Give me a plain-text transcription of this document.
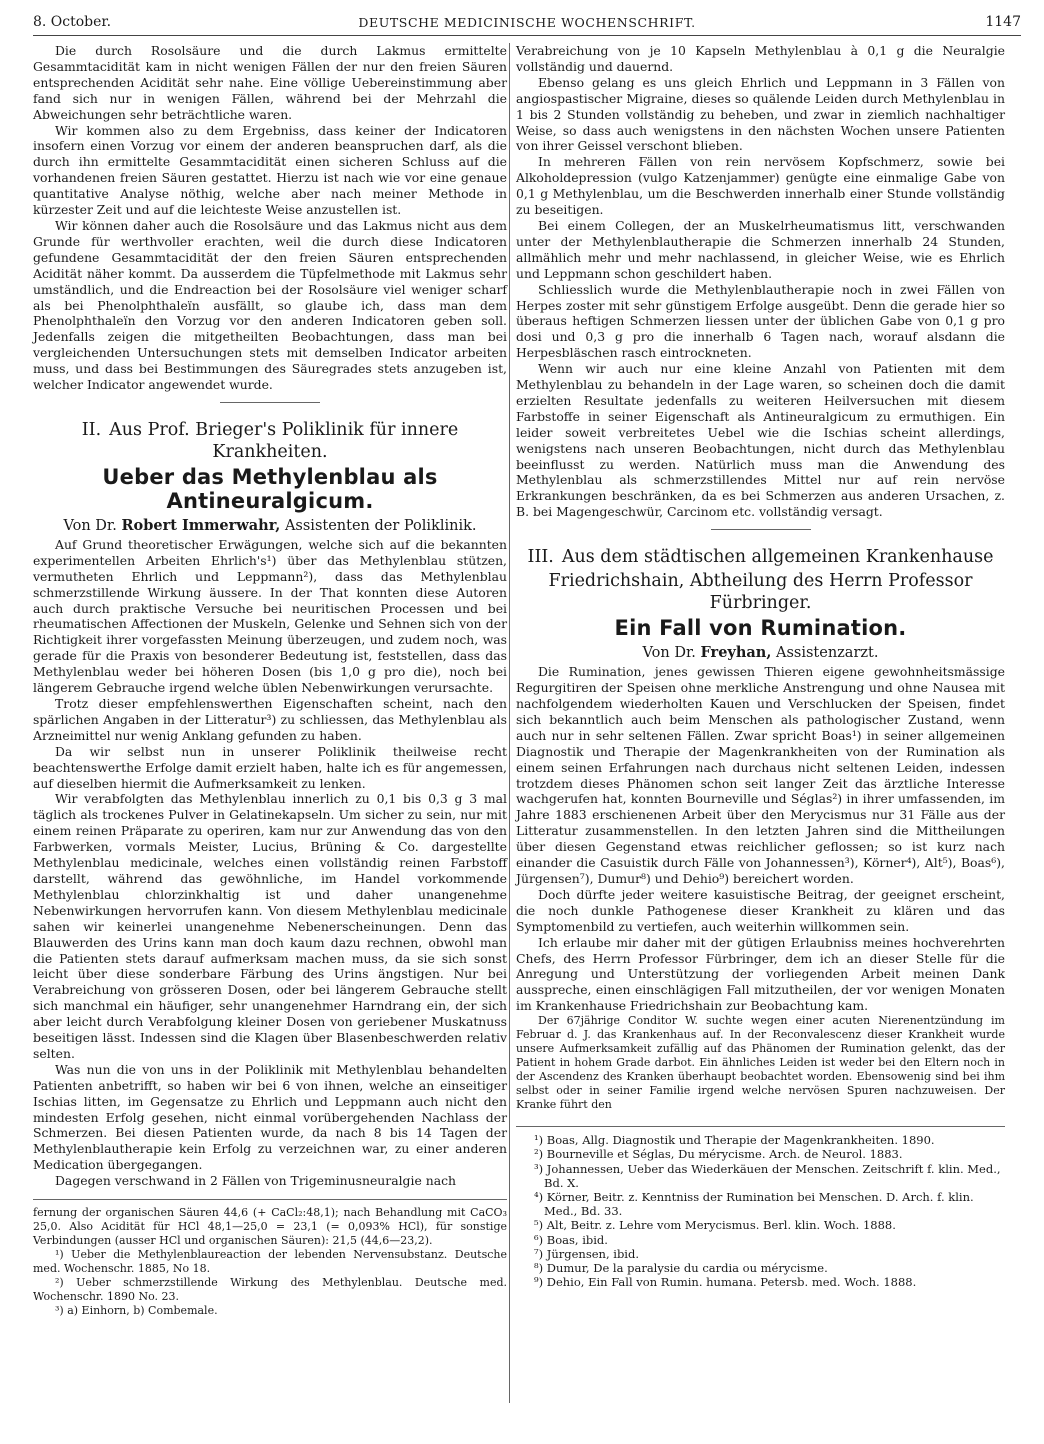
8. October.	DEUTSCHE MEDICINISCHE WOCHENSCHRIFT.	1147

Die durch Rosolsäure und die durch Lakmus ermittelte Gesammtacidität kam in nicht wenigen Fällen der nur den freien Säuren entsprechenden Acidität sehr nahe. Eine völlige Uebereinstimmung aber fand sich nur in wenigen Fällen, während bei der Mehrzahl die Abweichungen sehr beträchtliche waren.

Wir kommen also zu dem Ergebniss, dass keiner der Indicatoren insofern einen Vorzug vor einem der anderen beanspruchen darf, als die durch ihn ermittelte Gesammtacidität einen sicheren Schluss auf die vorhandenen freien Säuren gestattet. Hierzu ist nach wie vor eine genaue quantitative Analyse nöthig, welche aber nach meiner Methode in kürzester Zeit und auf die leichteste Weise anzustellen ist.

Wir können daher auch die Rosolsäure und das Lakmus nicht aus dem Grunde für werthvoller erachten, weil die durch diese Indicatoren gefundene Gesammtacidität der den freien Säuren entsprechenden Acidität näher kommt. Da ausserdem die Tüpfelmethode mit Lakmus sehr umständlich, und die Endreaction bei der Rosolsäure viel weniger scharf als bei Phenolphthaleïn ausfällt, so glaube ich, dass man dem Phenolphthaleïn den Vorzug vor den anderen Indicatoren geben soll. Jedenfalls zeigen die mitgetheilten Beobachtungen, dass man bei vergleichenden Untersuchungen stets mit demselben Indicator arbeiten muss, und dass bei Bestimmungen des Säuregrades stets anzugeben ist, welcher Indicator angewendet wurde.

II. Aus Prof. Brieger's Poliklinik für innere Krankheiten.
Ueber das Methylenblau als Antineuralgicum.
Von Dr. Robert Immerwahr, Assistenten der Poliklinik.

Auf Grund theoretischer Erwägungen, welche sich auf die bekannten experimentellen Arbeiten Ehrlich's¹) über das Methylenblau stützen, vermutheten Ehrlich und Leppmann²), dass das Methylenblau schmerzstillende Wirkung äussere. In der That konnten diese Autoren auch durch praktische Versuche bei neuritischen Processen und bei rheumatischen Affectionen der Muskeln, Gelenke und Sehnen sich von der Richtigkeit ihrer vorgefassten Meinung überzeugen, und zudem noch, was gerade für die Praxis von besonderer Bedeutung ist, feststellen, dass das Methylenblau weder bei höheren Dosen (bis 1,0 g pro die), noch bei längerem Gebrauche irgend welche üblen Nebenwirkungen verursachte.

Trotz dieser empfehlenswerthen Eigenschaften scheint, nach den spärlichen Angaben in der Litteratur³) zu schliessen, das Methylenblau als Arzneimittel nur wenig Anklang gefunden zu haben.

Da wir selbst nun in unserer Poliklinik theilweise recht beachtenswerthe Erfolge damit erzielt haben, halte ich es für angemessen, auf dieselben hiermit die Aufmerksamkeit zu lenken.

Wir verabfolgten das Methylenblau innerlich zu 0,1 bis 0,3 g 3 mal täglich als trockenes Pulver in Gelatinekapseln. Um sicher zu sein, nur mit einem reinen Präparate zu operiren, kam nur zur Anwendung das von den Farbwerken, vormals Meister, Lucius, Brüning & Co. dargestellte Methylenblau medicinale, welches einen vollständig reinen Farbstoff darstellt, während das gewöhnliche, im Handel vorkommende Methylenblau chlorzinkhaltig ist und daher unangenehme Nebenwirkungen hervorrufen kann. Von diesem Methylenblau medicinale sahen wir keinerlei unangenehme Nebenerscheinungen. Denn das Blauwerden des Urins kann man doch kaum dazu rechnen, obwohl man die Patienten stets darauf aufmerksam machen muss, da sie sich sonst leicht über diese sonderbare Färbung des Urins ängstigen. Nur bei Verabreichung von grösseren Dosen, oder bei längerem Gebrauche stellt sich manchmal ein häufiger, sehr unangenehmer Harndrang ein, der sich aber leicht durch Verabfolgung kleiner Dosen von geriebener Muskatnuss beseitigen lässt. Indessen sind die Klagen über Blasenbeschwerden relativ selten.

Was nun die von uns in der Poliklinik mit Methylenblau behandelten Patienten anbetrifft, so haben wir bei 6 von ihnen, welche an einseitiger Ischias litten, im Gegensatze zu Ehrlich und Leppmann auch nicht den mindesten Erfolg gesehen, nicht einmal vorübergehenden Nachlass der Schmerzen. Bei diesen Patienten wurde, da nach 8 bis 14 Tagen der Methylenblautherapie kein Erfolg zu verzeichnen war, zu einer anderen Medication übergegangen.

Dagegen verschwand in 2 Fällen von Trigeminusneuralgie nach

fernung der organischen Säuren 44,6 (+ CaCl₂:48,1); nach Behandlung mit CaCO₃ 25,0. Also Acidität für HCl 48,1—25,0 = 23,1 (= 0,093% HCl), für sonstige Verbindungen (ausser HCl und organischen Säuren): 21,5 (44,6—23,2).

¹) Ueber die Methylenblaureaction der lebenden Nervensubstanz. Deutsche med. Wochenschr. 1885, No 18.

²) Ueber schmerzstillende Wirkung des Methylenblau. Deutsche med. Wochenschr. 1890 No. 23.

³) a) Einhorn, b) Combemale.

Verabreichung von je 10 Kapseln Methylenblau à 0,1 g die Neuralgie vollständig und dauernd.

Ebenso gelang es uns gleich Ehrlich und Leppmann in 3 Fällen von angiospastischer Migraine, dieses so quälende Leiden durch Methylenblau in 1 bis 2 Stunden vollständig zu beheben, und zwar in ziemlich nachhaltiger Weise, so dass auch wenigstens in den nächsten Wochen unsere Patienten von ihrer Geissel verschont blieben.

In mehreren Fällen von rein nervösem Kopfschmerz, sowie bei Alkoholdepression (vulgo Katzenjammer) genügte eine einmalige Gabe von 0,1 g Methylenblau, um die Beschwerden innerhalb einer Stunde vollständig zu beseitigen.

Bei einem Collegen, der an Muskelrheumatismus litt, verschwanden unter der Methylenblautherapie die Schmerzen innerhalb 24 Stunden, allmählich mehr und mehr nachlassend, in gleicher Weise, wie es Ehrlich und Leppmann schon geschildert haben.

Schliesslich wurde die Methylenblautherapie noch in zwei Fällen von Herpes zoster mit sehr günstigem Erfolge ausgeübt. Denn die gerade hier so überaus heftigen Schmerzen liessen unter der üblichen Gabe von 0,1 g pro dosi und 0,3 g pro die innerhalb 6 Tagen nach, worauf alsdann die Herpesbläschen rasch eintrockneten.

Wenn wir auch nur eine kleine Anzahl von Patienten mit dem Methylenblau zu behandeln in der Lage waren, so scheinen doch die damit erzielten Resultate jedenfalls zu weiteren Heilversuchen mit diesem Farbstoffe in seiner Eigenschaft als Antineuralgicum zu ermuthigen. Ein leider soweit verbreitetes Uebel wie die Ischias scheint allerdings, wenigstens nach unseren Beobachtungen, nicht durch das Methylenblau beeinflusst zu werden. Natürlich muss man die Anwendung des Methylenblau als schmerzstillendes Mittel nur auf rein nervöse Erkrankungen beschränken, da es bei Schmerzen aus anderen Ursachen, z. B. bei Magengeschwür, Carcinom etc. vollständig versagt.

III. Aus dem städtischen allgemeinen Krankenhause
Friedrichshain, Abtheilung des Herrn Professor Fürbringer.
Ein Fall von Rumination.
Von Dr. Freyhan, Assistenzarzt.

Die Rumination, jenes gewissen Thieren eigene gewohnheitsmässige Regurgitiren der Speisen ohne merkliche Anstrengung und ohne Nausea mit nachfolgendem wiederholten Kauen und Verschlucken der Speisen, findet sich bekanntlich auch beim Menschen als pathologischer Zustand, wenn auch nur in sehr seltenen Fällen. Zwar spricht Boas¹) in seiner allgemeinen Diagnostik und Therapie der Magenkrankheiten von der Rumination als einem seinen Erfahrungen nach durchaus nicht seltenen Leiden, indessen trotzdem dieses Phänomen schon seit langer Zeit das ärztliche Interesse wachgerufen hat, konnten Bourneville und Séglas²) in ihrer umfassenden, im Jahre 1883 erschienenen Arbeit über den Merycismus nur 31 Fälle aus der Litteratur zusammenstellen. In den letzten Jahren sind die Mittheilungen über diesen Gegenstand etwas reichlicher geflossen; so ist kurz nach einander die Casuistik durch Fälle von Johannessen³), Körner⁴), Alt⁵), Boas⁶), Jürgensen⁷), Dumur⁸) und Dehio⁹) bereichert worden.

Doch dürfte jeder weitere kasuistische Beitrag, der geeignet erscheint, die noch dunkle Pathogenese dieser Krankheit zu klären und das Symptomenbild zu vertiefen, auch weiterhin willkommen sein.

Ich erlaube mir daher mit der gütigen Erlaubniss meines hochverehrten Chefs, des Herrn Professor Fürbringer, dem ich an dieser Stelle für die Anregung und Unterstützung der vorliegenden Arbeit meinen Dank ausspreche, einen einschlägigen Fall mitzutheilen, der vor wenigen Monaten im Krankenhause Friedrichshain zur Beobachtung kam.

Der 67jährige Conditor W. suchte wegen einer acuten Nierenentzündung im Februar d. J. das Krankenhaus auf. In der Reconvalescenz dieser Krankheit wurde unsere Aufmerksamkeit zufällig auf das Phänomen der Rumination gelenkt, das der Patient in hohem Grade darbot. Ein ähnliches Leiden ist weder bei den Eltern noch in der Ascendenz des Kranken überhaupt beobachtet worden. Ebensowenig sind bei ihm selbst oder in seiner Familie irgend welche nervösen Spuren nachzuweisen. Der Kranke führt den

¹) Boas, Allg. Diagnostik und Therapie der Magenkrankheiten. 1890.
²) Bourneville et Séglas, Du mérycisme. Arch. de Neurol. 1883.
³) Johannessen, Ueber das Wiederkäuen der Menschen. Zeitschrift f. klin. Med., Bd. X.
⁴) Körner, Beitr. z. Kenntniss der Rumination bei Menschen. D. Arch. f. klin. Med., Bd. 33.
⁵) Alt, Beitr. z. Lehre vom Merycismus. Berl. klin. Woch. 1888.
⁶) Boas, ibid.
⁷) Jürgensen, ibid.
⁸) Dumur, De la paralysie du cardia ou mérycisme.
⁹) Dehio, Ein Fall von Rumin. humana. Petersb. med. Woch. 1888.
